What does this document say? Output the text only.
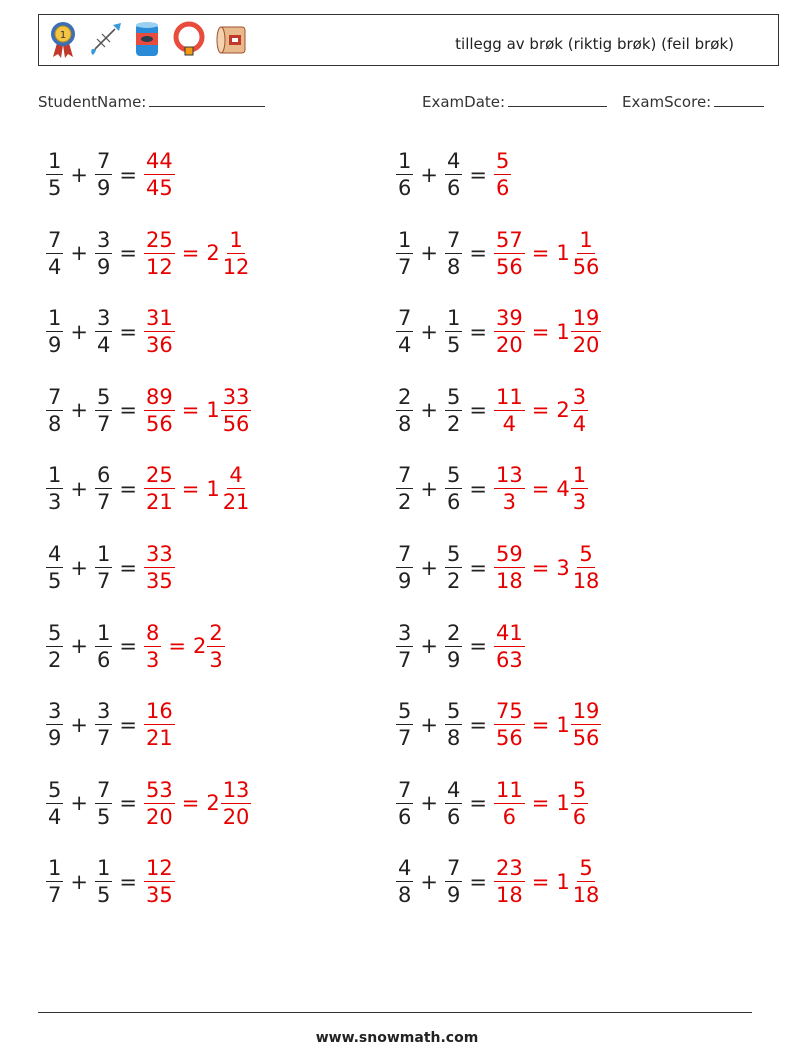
1	tillegg av brøk (riktig brøk) (feil brøk)
StudentName:	ExamDate:	ExamScore:
$\frac{1}{5} + \frac{7}{9} = \frac{44}{45}$	$\frac{1}{6} + \frac{4}{6} = \frac{5}{6}$
$\frac{7}{4} + \frac{3}{9} = \frac{25}{12} = 2 \frac{1}{12}$	$\frac{1}{7} + \frac{7}{8} = \frac{57}{56} = 1 \frac{1}{56}$
$\frac{1}{9} + \frac{3}{4} = \frac{31}{36}$	$\frac{7}{4} + \frac{1}{5} = \frac{39}{20} = 1 \frac{19}{20}$
$\frac{7}{8} + \frac{5}{7} = \frac{89}{56} = 1 \frac{33}{56}$	$\frac{2}{8} + \frac{5}{2} = \frac{11}{4} = 2 \frac{3}{4}$
$\frac{1}{3} + \frac{6}{7} = \frac{25}{21} = 1 \frac{4}{21}$	$\frac{7}{2} + \frac{5}{6} = \frac{13}{3} = 4 \frac{1}{3}$
$\frac{4}{5} + \frac{1}{7} = \frac{33}{35}$	$\frac{7}{9} + \frac{5}{2} = \frac{59}{18} = 3 \frac{5}{18}$
$\frac{5}{2} + \frac{1}{6} = \frac{8}{3} = 2 \frac{2}{3}$	$\frac{3}{7} + \frac{2}{9} = \frac{41}{63}$
$\frac{3}{9} + \frac{3}{7} = \frac{16}{21}$	$\frac{5}{7} + \frac{5}{8} = \frac{75}{56} = 1 \frac{19}{56}$
$\frac{5}{4} + \frac{7}{5} = \frac{53}{20} = 2 \frac{13}{20}$	$\frac{7}{6} + \frac{4}{6} = \frac{11}{6} = 1 \frac{5}{6}$
$\frac{1}{7} + \frac{1}{5} = \frac{12}{35}$	$\frac{4}{8} + \frac{7}{9} = \frac{23}{18} = 1 \frac{5}{18}$
www.snowmath.com
